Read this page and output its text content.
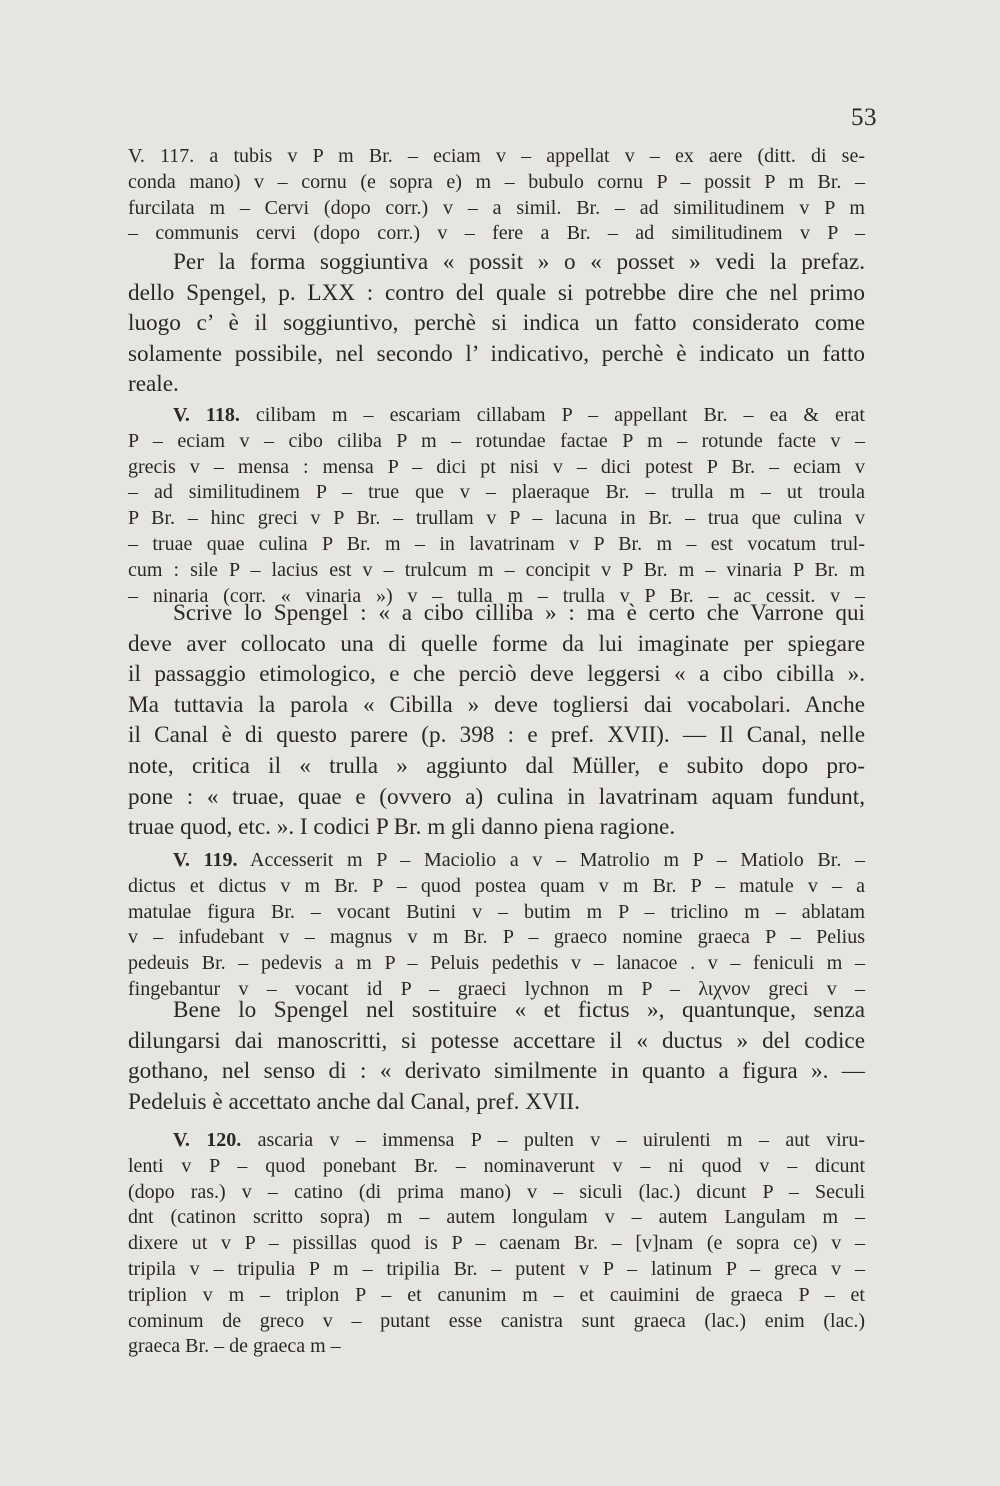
53
V. 117. a tubis v P m Br. – eciam v – appellat v – ex aere (ditt. di se-
conda mano) v – cornu (e sopra e) m – bubulo cornu P – possit P m Br. –
furcilata m – Cervi (dopo corr.) v – a simil. Br. – ad similitudinem v P m
– communis cervi (dopo corr.) v – fere a Br. – ad similitudinem v P –
Per la forma soggiuntiva « possit » o « posset » vedi la prefaz.
dello Spengel, p. LXX : contro del quale si potrebbe dire che nel primo
luogo c’ è il soggiuntivo, perchè si indica un fatto considerato come
solamente possibile, nel secondo l’ indicativo, perchè è indicato un fatto
reale.
V. 118. cilibam m – escariam cillabam P – appellant Br. – ea & erat
P – eciam v – cibo ciliba P m – rotundae factae P m – rotunde facte v –
grecis v – mensa : mensa P – dici pt nisi v – dici potest P Br. – eciam v
– ad similitudinem P – true que v – plaeraque Br. – trulla m – ut troula
P Br. – hinc greci v P Br. – trullam v P – lacuna in Br. – trua que culina v
– truae quae culina P Br. m – in lavatrinam v P Br. m – est vocatum trul-
cum : sile P – lacius est v – trulcum m – concipit v P Br. m – vinaria P Br. m
– ninaria (corr. « vinaria ») v – tulla m – trulla v P Br. – ac cessit. v –
Scrive lo Spengel : « a cibo cilliba » : ma è certo che Varrone qui
deve aver collocato una di quelle forme da lui imaginate per spiegare
il passaggio etimologico, e che perciò deve leggersi « a cibo cibilla ».
Ma tuttavia la parola « Cibilla » deve togliersi dai vocabolari. Anche
il Canal è di questo parere (p. 398 : e pref. XVII). — Il Canal, nelle
note, critica il « trulla » aggiunto dal Müller, e subito dopo pro-
pone : « truae, quae e (ovvero a) culina in lavatrinam aquam fundunt,
truae quod, etc. ». I codici P Br. m gli danno piena ragione.
V. 119. Accesserit m P – Maciolio a v – Matrolio m P – Matiolo Br. –
dictus et dictus v m Br. P – quod postea quam v m Br. P – matule v – a
matulae figura Br. – vocant Butini v – butim m P – triclino m – ablatam
v – infudebant v – magnus v m Br. P – graeco nomine graeca P – Pelius
pedeuis Br. – pedevis a m P – Peluis pedethis v – lanacoe . v – feniculi m –
fingebantur v – vocant id P – graeci lychnon m P – λιχνον greci v –
Bene lo Spengel nel sostituire « et fictus », quantunque, senza
dilungarsi dai manoscritti, si potesse accettare il « ductus » del codice
gothano, nel senso di : « derivato similmente in quanto a figura ». —
Pedeluis è accettato anche dal Canal, pref. XVII.
V. 120. ascaria v – immensa P – pulten v – uirulenti m – aut viru-
lenti v P – quod ponebant Br. – nominaverunt v – ni quod v – dicunt
(dopo ras.) v – catino (di prima mano) v – siculi (lac.) dicunt P – Seculi
dnt (catinon scritto sopra) m – autem longulam v – autem Langulam m –
dixere ut v P – pissillas quod is P – caenam Br. – [v]nam (e sopra ce) v –
tripila v – tripulia P m – tripilia Br. – putent v P – latinum P – greca v –
triplion v m – triplon P – et canunim m – et cauimini de graeca P – et
cominum de greco v – putant esse canistra sunt graeca (lac.) enim (lac.)
graeca Br. – de graeca m –
